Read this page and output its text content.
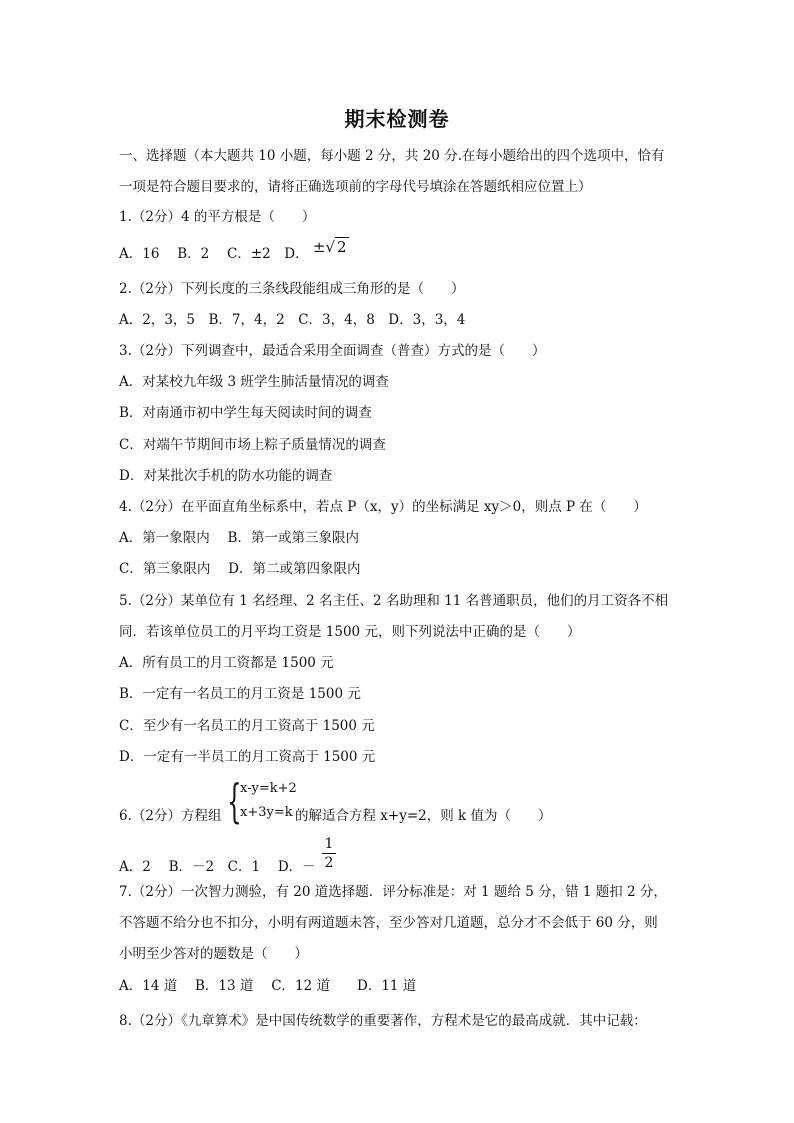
期末检测卷
一、选择题（本大题共 10 小题，每小题 2 分，共 20 分.在每小题给出的四个选项中，恰有
一项是符合题目要求的，请将正确选项前的字母代号填涂在答题纸相应位置上）
1.（2分）4 的平方根是（　　）
A．16　 B．2　 C．±2　D． ±√ 2
2.（2分）下列长度的三条线段能组成三角形的是（　　）
A．2，3，5　B．7，4，2　C．3，4，8　D．3，3，4
3.（2分）下列调查中，最适合采用全面调查（普查）方式的是（　　）
A．对某校九年级 3 班学生肺活量情况的调查
B．对南通市初中学生每天阅读时间的调查
C．对端午节期间市场上粽子质量情况的调查
D．对某批次手机的防水功能的调查
4.（2分）在平面直角坐标系中，若点 P（x，y）的坐标满足 xy＞0，则点 P 在（　　）
A．第一象限内　 B．第一或第三象限内
C．第三象限内　 D．第二或第四象限内
5.（2分）某单位有 1 名经理、2 名主任、2 名助理和 11 名普通职员，他们的月工资各不相
同．若该单位员工的月平均工资是 1500 元，则下列说法中正确的是（　　）
A．所有员工的月工资都是 1500 元
B．一定有一名员工的月工资是 1500 元
C．至少有一名员工的月工资高于 1500 元
D．一定有一半员工的月工资高于 1500 元
{
x-y=k+2
x+3y=k
6.（2分）方程组	的解适合方程 x+y=2，则 k 值为（　　）
A．2　 B．－2　C．1　 D．－ $\frac{1}{2}$
7.（2分）一次智力测验，有 20 道选择题．评分标准是：对 1 题给 5 分，错 1 题扣 2 分，
不答题不给分也不扣分，小明有两道题未答，至少答对几道题，总分才不会低于 60 分，则
小明至少答对的题数是（　　）
A．14 道　 B．13 道　 C．12 道　　D．11 道
8.（2分）《九章算术》是中国传统数学的重要著作，方程术是它的最高成就．其中记载：
